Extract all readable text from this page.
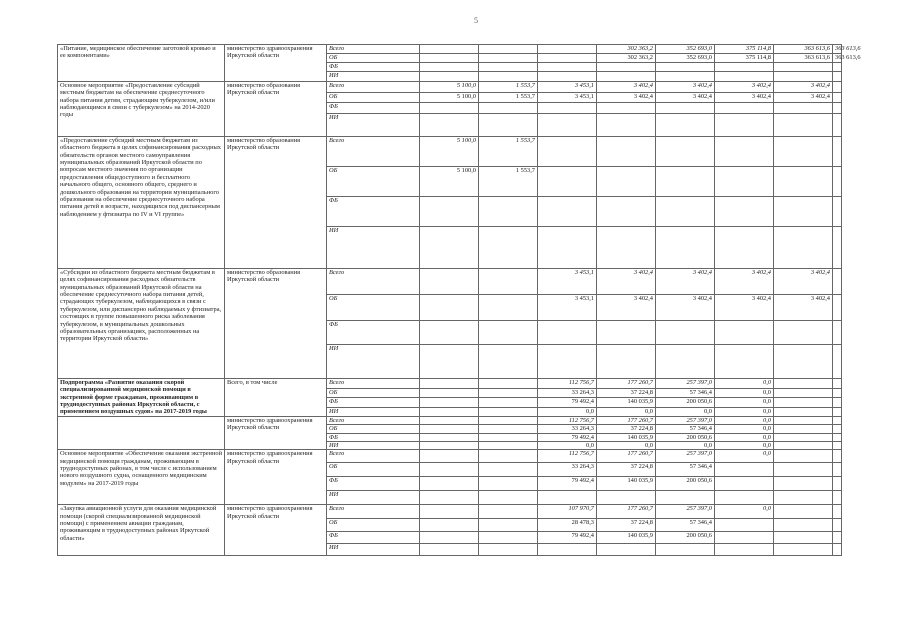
5
«Питание, медицинское обеспечение заготовой кровью и ее компонентами»	министерство здравоохранения Иркутской области	Всего				302 363,2	352 693,0	375 114,8	363 613,6	363 613,6
		ОБ				302 363,2	352 693,0	375 114,8	363 613,6	363 613,6
		ФБ								
		ИИ								
Основное мероприятие «Предоставление субсидий местным бюджетам на обеспечение среднесуточного набора питания детям, страдающим туберкулезом, и/или наблюдающимся в связи с туберкулезом» на 2014-2020 годы	министерство образования Иркутской области	Всего	5 100,0	1 553,7	3 453,1	3 402,4	3 402,4	3 402,4	3 402,4	
		ОБ	5 100,0	1 553,7	3 453,1	3 402,4	3 402,4	3 402,4	3 402,4	
		ФБ								
		ИИ								
«Предоставление субсидий местным бюджетам из областного бюджета в целях софинансирования расходных обязательств органов местного самоуправления муниципальных образований Иркутской области по вопросам местного значения по организации предоставления общедоступного и бесплатного начального общего, основного общего, среднего и дошкольного образования на территории муниципального образования на обеспечение среднесуточного набора питания детей в возрасте, находящихся под диспансерным наблюдением у фтизиатра по IV и VI группе»	министерство образования Иркутской области	Всего	5 100,0	1 553,7						
		ОБ	5 100,0	1 553,7						
		ФБ								
		ИИ								
«Субсидии из областного бюджета местным бюджетам в целях софинансирования расходных обязательств муниципальных образований Иркутской области на обеспечение среднесуточного набора питания детей, страдающих туберкулезом, наблюдающихся в связи с туберкулезом, или диспансерно наблюдаемых у фтизиатра, состоящих в группе повышенного риска заболевания туберкулезом, в муниципальных дошкольных образовательных организациях, расположенных на территории Иркутской области»	министерство образования Иркутской области	Всего			3 453,1	3 402,4	3 402,4	3 402,4	3 402,4	
		ОБ			3 453,1	3 402,4	3 402,4	3 402,4	3 402,4	
		ФБ								
		ИИ								
Подпрограмма «Развитие оказания скорой специализированной медицинской помощи в экстренной форме гражданам, проживающим в труднодоступных районах Иркутской области, с применением воздушных судов» на 2017-2019 годы	Всего, в том числе	Всего			112 756,7	177 260,7	257 397,0	0,0		
		ОБ			33 264,3	37 224,8	57 346,4	0,0		
		ФБ			79 492,4	140 035,9	200 050,6	0,0		
		ИИ			0,0	0,0	0,0	0,0		
	министерство здравоохранения Иркутской области	Всего			112 756,7	177 260,7	257 397,0	0,0		
		ОБ			33 264,3	37 224,8	57 346,4	0,0		
		ФБ			79 492,4	140 035,9	200 050,6	0,0		
		ИИ			0,0	0,0	0,0	0,0		
Основное мероприятие «Обеспечение оказания экстренной медицинской помощи гражданам, проживающим в труднодоступных районах, в том числе с использованием нового воздушного судна, оснащенного медицинским модулем» на 2017-2019 годы	министерство здравоохранения Иркутской области	Всего			112 756,7	177 260,7	257 397,0	0,0		
		ОБ			33 264,3	37 224,8	57 346,4			
		ФБ			79 492,4	140 035,9	200 050,6			
		ИИ								
«Закупка авиационной услуги для оказания медицинской помощи (скорой специализированной медицинской помощи) с применением авиации гражданам, проживающим в труднодоступных районах Иркутской области»	министерство здравоохранения Иркутской области	Всего			107 970,7	177 260,7	257 397,0	0,0		
		ОБ			28 478,3	37 224,8	57 346,4			
		ФБ			79 492,4	140 035,9	200 050,6			
		ИИ								
